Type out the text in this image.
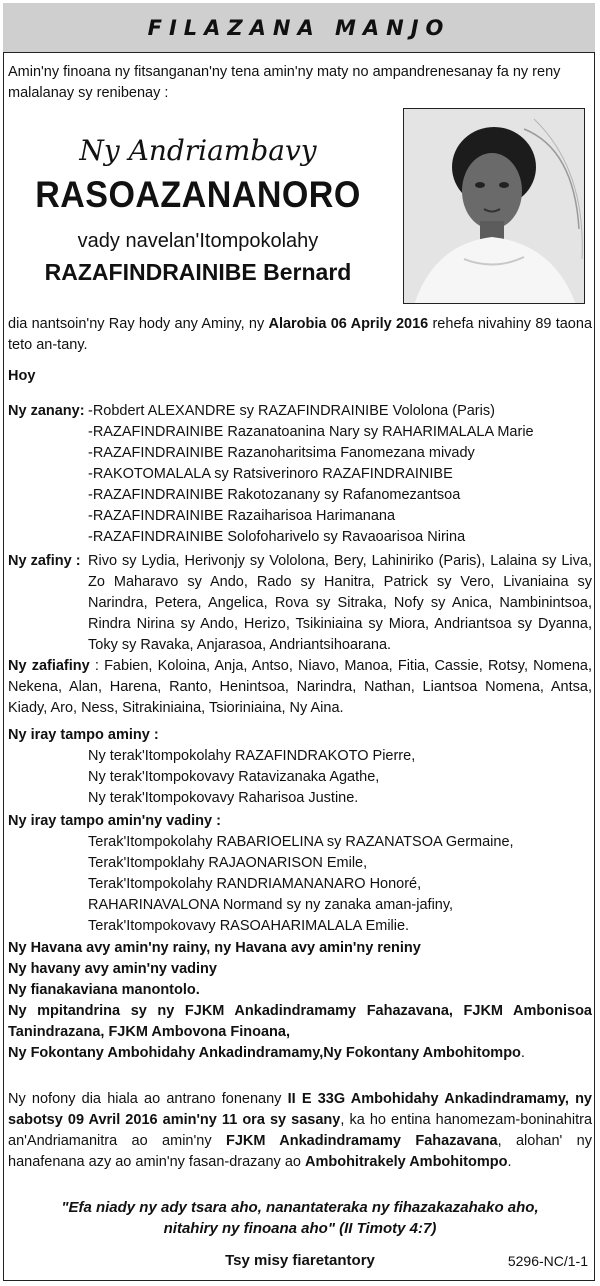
FILAZANA MANJO
Amin'ny finoana ny fitsanganan'ny tena amin'ny maty no ampandrenesanay fa ny reny malalanay sy renibenay :
Ny Andriambavy
RASOAZANANORO
vady navelan'Itompokolahy
RAZAFINDRAINIBE Bernard
dia nantsoin'ny Ray hody any Aminy, ny Alarobia 06 Aprily 2016 rehefa nivahiny 89 taona teto an-tany.
Hoy
Ny zanany: -Robdert ALEXANDRE sy RAZAFINDRAINIBE Vololona (Paris)
-RAZAFINDRAINIBE Razanatoanina Nary sy RAHARIMALALA Marie
-RAZAFINDRAINIBE Razanoharitsima Fanomezana mivady
-RAKOTOMALALA sy Ratsiverinoro RAZAFINDRAINIBE
-RAZAFINDRAINIBE Rakotozanany sy Rafanomezantsoa
-RAZAFINDRAINIBE Razaiharisoa Harimanana
-RAZAFINDRAINIBE Solofoharivelo sy Ravaoarisoa Nirina
Ny zafiny : Rivo sy Lydia, Herivonjy sy Vololona, Bery, Lahiniriko (Paris), Lalaina sy Liva, Zo Maharavo sy Ando, Rado sy Hanitra, Patrick sy Vero, Livaniaina sy Narindra, Petera, Angelica, Rova sy Sitraka, Nofy sy Anica, Nambinintsoa, Rindra Nirina sy Ando, Herizo, Tsikiniaina sy Miora, Andriantsoa sy Dyanna, Toky sy Ravaka, Anjarasoa, Andriantsihoarana.
Ny zafiafiny : Fabien, Koloina, Anja, Antso, Niavo, Manoa, Fitia, Cassie, Rotsy, Nomena, Nekena, Alan, Harena, Ranto, Henintsoa, Narindra, Nathan, Liantsoa Nomena, Antsa, Kiady, Aro, Ness, Sitrakiniaina, Tsioriniaina, Ny Aina.
Ny iray tampo aminy :
Ny terak'Itompokolahy RAZAFINDRAKOTO Pierre,
Ny terak'Itompokovavy Ratavizanaka Agathe,
Ny terak'Itompokovavy Raharisoa Justine.
Ny iray tampo amin'ny vadiny :
Terak'Itompokolahy RABARIOELINA sy RAZANATSOA Germaine,
Terak'Itompoklahy RAJAONARISON Emile,
Terak'Itompokolahy RANDRIAMANANARO Honoré,
RAHARINAVALONA Normand sy ny zanaka aman-jafiny,
Terak'Itompokovavy RASOAHARIMALALA Emilie.
Ny Havana avy amin'ny rainy, ny Havana avy amin'ny reniny
Ny havany avy amin'ny vadiny
Ny fianakaviana manontolo.
Ny mpitandrina sy ny FJKM Ankadindramamy Fahazavana, FJKM Ambonisoa Tanindrazana, FJKM Ambovona Finoana,
Ny Fokontany Ambohidahy Ankadindramamy,Ny Fokontany Ambohitompo.
Ny nofony dia hiala ao antrano fonenany II E 33G Ambohidahy Ankadindramamy, ny sabotsy 09 Avril 2016 amin'ny 11 ora sy sasany, ka ho entina hanomezam-boninahitra an'Andriamanitra ao amin'ny FJKM Ankadindramamy Fahazavana, alohan' ny hanafenana azy ao amin'ny fasan-drazany ao Ambohitrakely Ambohitompo.
"Efa niady ny ady tsara aho, nanantateraka ny fihazakazahako aho,
nitahiry ny finoana aho" (II Timoty 4:7)
Tsy misy fiaretantory	5296-NC/1-1
